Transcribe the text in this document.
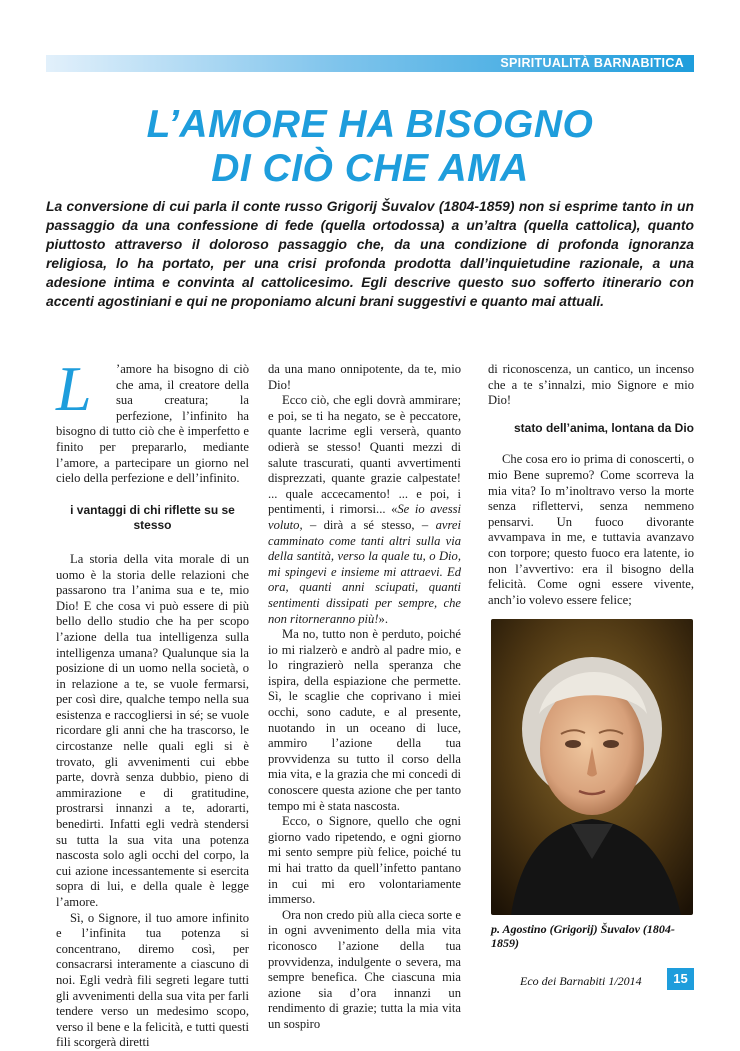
SPIRITUALITÀ BARNABITICA
L’AMORE HA BISOGNO
DI CIÒ CHE AMA
La conversione di cui parla il conte russo Grigorij Šuvalov (1804-1859) non si esprime tanto in un passaggio da una confessione di fede (quella ortodossa) a un’altra (quella cattolica), quanto piuttosto attraverso il doloroso passaggio che, da una condizione di profonda ignoranza religiosa, lo ha portato, per una crisi profonda prodotta dall’inquietudine razionale, a una adesione intima e convinta al cattolicesimo. Egli descrive questo suo sofferto itinerario con accenti agostiniani e qui ne proponiamo alcuni brani suggestivi e quanto mai attuali.

L	’amore ha bisogno di ciò che ama, il creatore della sua creatura; la perfezione, l’infinito ha bisogno di tutto ciò che è imperfetto e finito per prepararlo, mediante l’amore, a partecipare un giorno nel cielo della perfezione e dell’infinito.

i vantaggi di chi riflette su se stesso

La storia della vita morale di un uomo è la storia delle relazioni che passarono tra l’anima sua e te, mio Dio! E che cosa vi può essere di più bello dello studio che ha per scopo l’azione della tua intelligenza sulla intelligenza umana? Qualunque sia la posizione di un uomo nella società, o in relazione a te, se vuole fermarsi, per così dire, qualche tempo nella sua esistenza e raccogliersi in sé; se vuole ricordare gli anni che ha trascorso, le circostanze nelle quali egli si è trovato, gli avvenimenti cui ebbe parte, dovrà senza dubbio, pieno di ammirazione e di gratitudine, prostrarsi innanzi a te, adorarti, benedirti. Infatti egli vedrà stendersi su tutta la sua vita una potenza nascosta solo agli occhi del corpo, la cui azione incessantemente si esercita sopra di lui, e della quale è legge l’amore.

Sì, o Signore, il tuo amore infinito e l’infinita tua potenza si concentrano, diremo così, per consacrarsi interamente a ciascuno di noi. Egli vedrà fili segreti legare tutti gli avvenimenti della sua vita per farli tendere verso un medesimo scopo, verso il bene e la felicità, e tutti questi fili scorgerà diretti

da una mano onnipotente, da te, mio Dio!

Ecco ciò, che egli dovrà ammirare; e poi, se ti ha negato, se è peccatore, quante lacrime egli verserà, quanto odierà se stesso! Quanti mezzi di salute trascurati, quanti avvertimenti disprezzati, quante grazie calpestate! ... quale accecamento! ... e poi, i pentimenti, i rimorsi... «Se io avessi voluto, – dirà a sé stesso, – avrei camminato come tanti altri sulla via della santità, verso la quale tu, o Dio, mi spingevi e insieme mi attraevi. Ed ora, quanti anni sciupati, quanti sentimenti dissipati per sempre, che non ritorneranno più!».

Ma no, tutto non è perduto, poiché io mi rialzerò e andrò al padre mio, e lo ringrazierò nella speranza che ispira, della espiazione che permette. Sì, le scaglie che coprivano i miei occhi, sono cadute, e al presente, nuotando in un oceano di luce, ammiro l’azione della tua provvidenza su tutto il corso della mia vita, e la grazia che mi concedi di conoscere questa azione che per tanto tempo mi è stata nascosta.

Ecco, o Signore, quello che ogni giorno vado ripetendo, e ogni giorno mi sento sempre più felice, poiché tu mi hai tratto da quell’infetto pantano in cui mi ero volontariamente immerso.

Ora non credo più alla cieca sorte e in ogni avvenimento della mia vita riconosco l’azione della tua provvidenza, indulgente o severa, ma sempre benefica. Che ciascuna mia azione sia d’ora innanzi un rendimento di grazie; tutta la mia vita un sospiro

di riconoscenza, un cantico, un incenso che a te s’innalzi, mio Signore e mio Dio!

stato dell’anima, lontana da Dio

Che cosa ero io prima di conoscerti, o mio Bene supremo? Come scorreva la mia vita? Io m’inoltravo verso la morte senza riflettervi, senza nemmeno pensarvi. Un fuoco divorante avvampava in me, e tuttavia avanzavo con torpore; questo fuoco era latente, io non l’avvertivo: era il bisogno della felicità. Come ogni essere vivente, anch’io volevo essere felice;

p. Agostino (Grigorij) Šuvalov (1804-1859)
Eco dei Barnabiti 1/2014	15
